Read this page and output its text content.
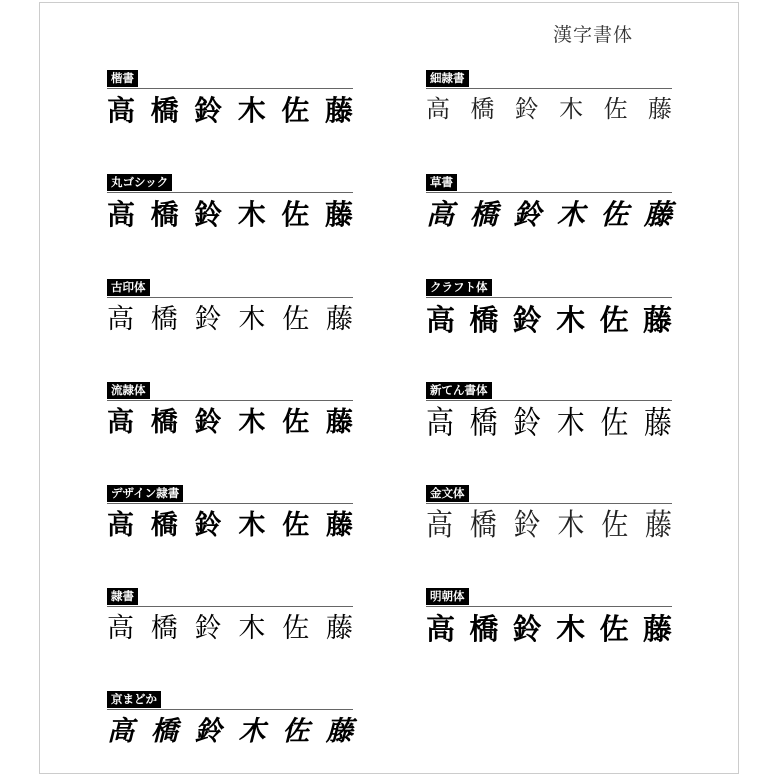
漢字書体
楷書
高 橋 鈴 木 佐 藤
丸ゴシック
高 橋 鈴 木 佐 藤
古印体
高 橋 鈴 木 佐 藤
流隷体
高 橋 鈴 木 佐 藤
デザイン隷書
高 橋 鈴 木 佐 藤
隷書
高 橋 鈴 木 佐 藤
京まどか
高 橋 鈴 木 佐 藤
細隷書
高 橋 鈴 木 佐 藤
草書
高 橋 鈴 木 佐 藤
クラフト体
高 橋 鈴 木 佐 藤
新てん書体
高 橋 鈴 木 佐 藤
金文体
高 橋 鈴 木 佐 藤
明朝体
高 橋 鈴 木 佐 藤
